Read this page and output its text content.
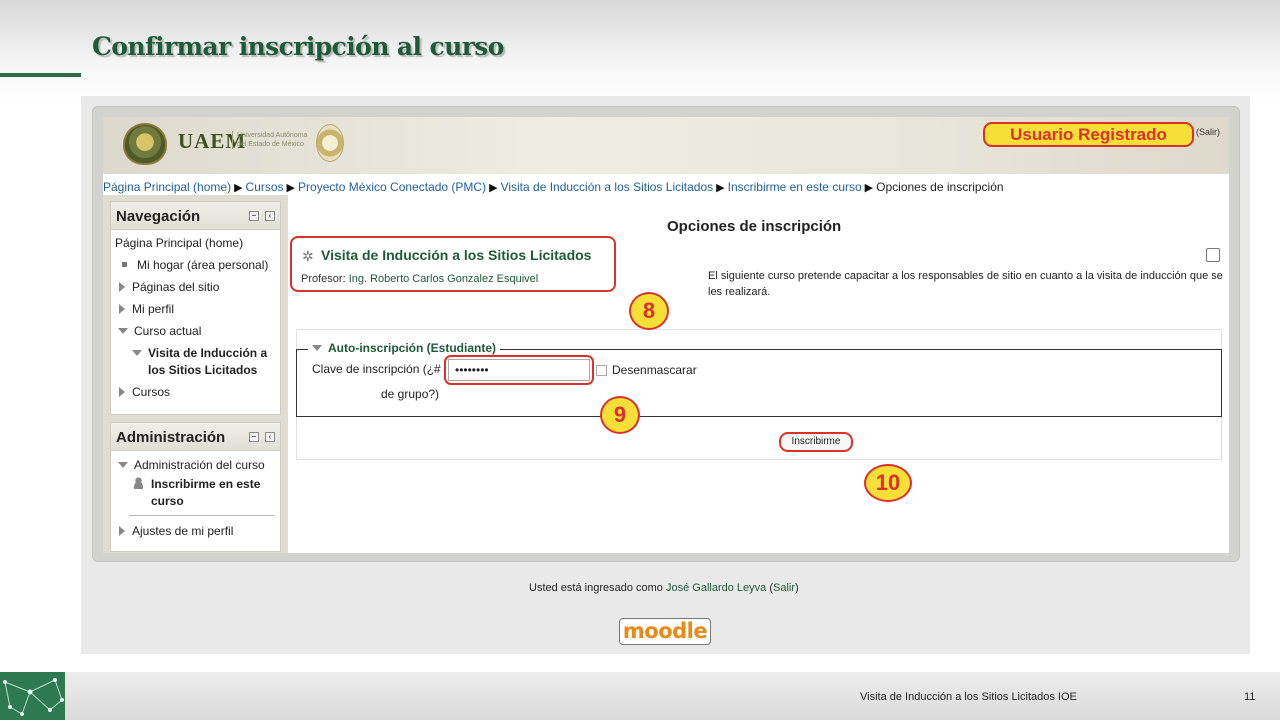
Confirmar inscripción al curso
UAEM
Universidad Autónoma del Estado de México
Usuario Registrado	(Salir)
Página Principal (home) ▶ Cursos ▶ Proyecto México Conectado (PMC) ▶ Visita de Inducción a los Sitios Licitados ▶ Inscribirme en este curso ▶ Opciones de inscripción
Navegación	–	‹
Página Principal (home)
Mi hogar (área personal)
Páginas del sitio
Mi perfil
Curso actual
Visita de Inducción a
los Sitios Licitados
Cursos
Administración	–	‹
Administración del curso
Inscribirme en este
curso
Ajustes de mi perfil
Opciones de inscripción
✲ Visita de Inducción a los Sitios Licitados
Profesor: Ing. Roberto Carlos Gonzalez Esquivel	El siguiente curso pretende capacitar a los responsables de sitio en cuanto a la visita de inducción que se les realizará.
Auto-inscripción (Estudiante)
Clave de inscripción (¿#
de grupo?)
••••••••
Desenmascarar
Inscribirme
8
9
10
Usted está ingresado como José Gallardo Leyva (Salir)
moodle
Visita de Inducción a los Sitios Licitados IOE	11
